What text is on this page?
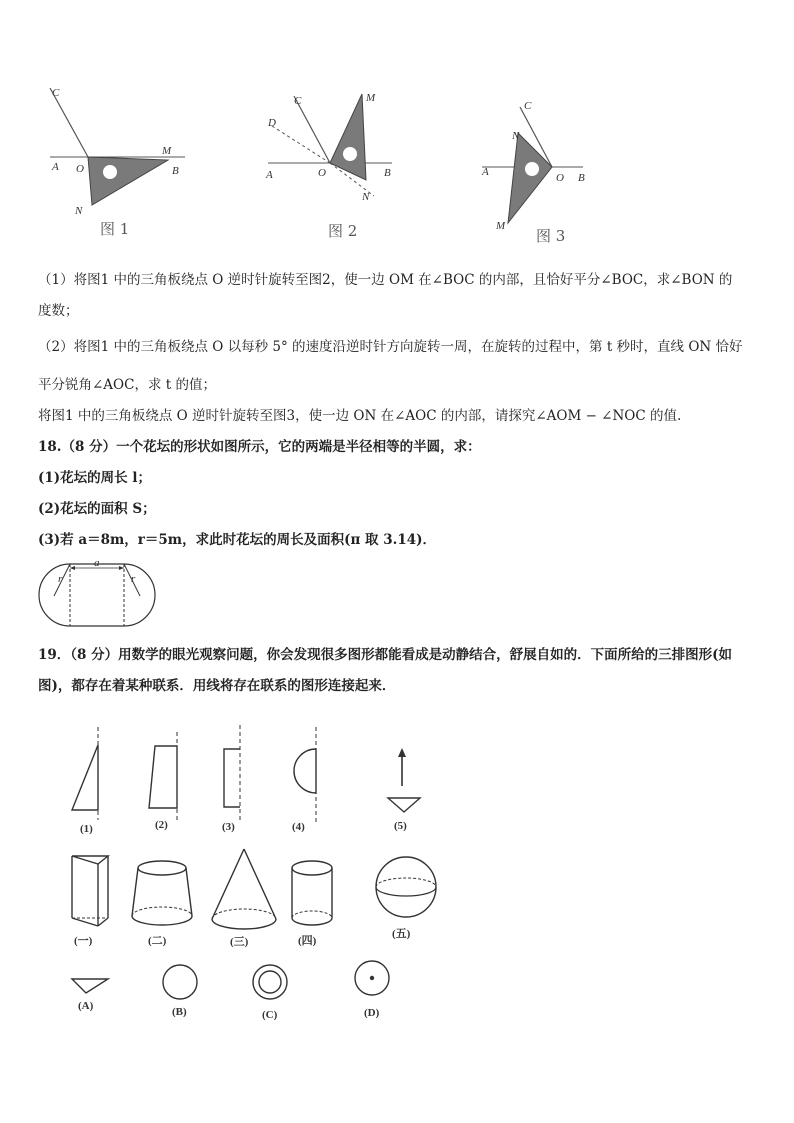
C
A O
M
B
N
图 1
C	M
D
A	O	B
N
图 2
C
N
A	O B
M
图 3
（1）将图1 中的三角板绕点 O 逆时针旋转至图2，使一边 OM 在∠BOC 的内部，且恰好平分∠BOC，求∠BON 的
度数；
（2）将图1 中的三角板绕点 O 以每秒 5° 的速度沿逆时针方向旋转一周，在旋转的过程中，第 t 秒时，直线 ON 恰好
平分锐角∠AOC，求 t 的值；
将图1 中的三角板绕点 O 逆时针旋转至图3，使一边 ON 在∠AOC 的内部，请探究∠AOM − ∠NOC 的值.
18.（8 分）一个花坛的形状如图所示，它的两端是半径相等的半圆，求：
(1)花坛的周长 l；
(2)花坛的面积 S；
(3)若 a＝8m，r＝5m，求此时花坛的周长及面积(π 取 3.14)．
a
r	r
19．（8 分）用数学的眼光观察问题，你会发现很多图形都能看成是动静结合，舒展自如的．下面所给的三排图形(如
图)，都存在着某种联系．用线将存在联系的图形连接起来．
(1)	(2)	(3)	(4)	(5)
(一)	(二)	(三)	(四)
(五)
(A)	(B)	(C)	(D)
